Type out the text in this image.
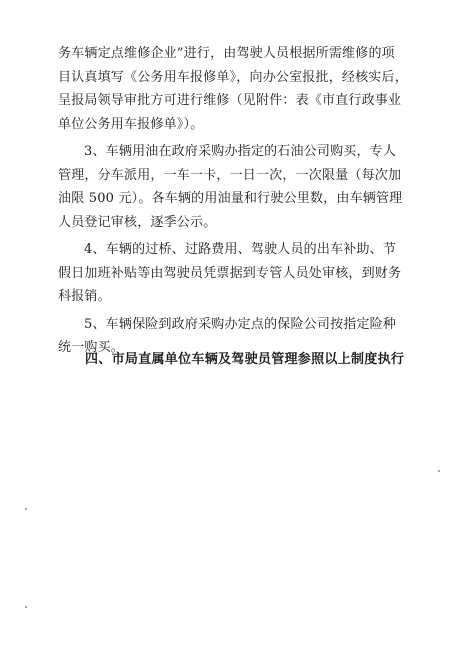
务车辆定点维修企业”进行，由驾驶人员根据所需维修的项
目认真填写《公务用车报修单》，向办公室报批，经核实后，
呈报局领导审批方可进行维修（见附件：表《市直行政事业
单位公务用车报修单》）。
3、车辆用油在政府采购办指定的石油公司购买，专人
管理，分车派用，一车一卡，一日一次，一次限量（每次加
油限 500 元）。各车辆的用油量和行驶公里数，由车辆管理
人员登记审核，逐季公示。
4、车辆的过桥、过路费用、驾驶人员的出车补助、节
假日加班补贴等由驾驶员凭票据到专管人员处审核，到财务
科报销。
5、车辆保险到政府采购办定点的保险公司按指定险种
统一购买。
四、市局直属单位车辆及驾驶员管理参照以上制度执行
